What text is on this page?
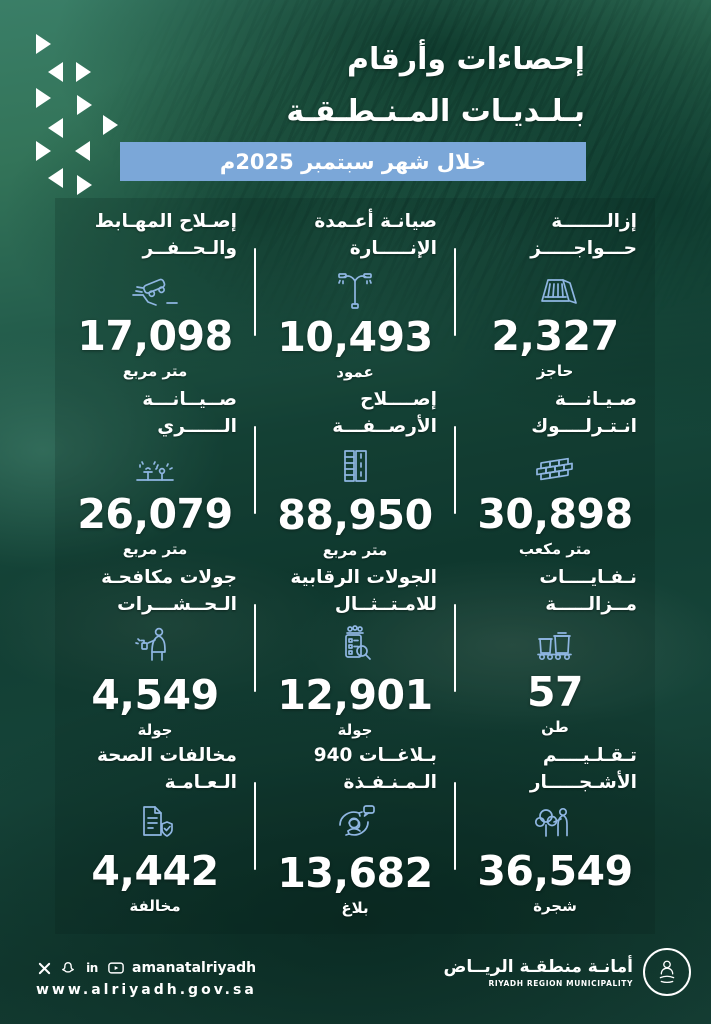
إحصاءات وأرقام
بـلـديـات المـنـطـقـة
خلال شهر سبتمبر 2025م
إزالـــــــة
حـــواجـــــز
2,327
حاجز
صيانـة أعـمدة
الإنـــــارة
10,493
عمود
إصـلاح المهـابط
والـحــفــر
17,098
متر مربع
صـيـانـــة
انـتـرلــــوك
30,898
متر مكعب
إصــــلاح
الأرصــفـــة
88,950
متر مربع
صــيــانـــة
الــــــري
26,079
متر مربع
نـفـايــــات
مــزالـــــة
57
طن
الجولات الرقابية
للامـتــثــال
12,901
جولة
جولات مكافحـة
الـحــشـــرات
4,549
جولة
تـقـلـيــــم
الأشـجـــــار
36,549
شجرة
بـلاغــات 940
الـمـنـفـذة
13,682
بلاغ
مخالفات الصحة
الـعـامـة
4,442
مخالفة
in amanatalriyadh
www.alriyadh.gov.sa
أمانـة منطقـة الريــاض
RIYADH REGION MUNICIPALITY
